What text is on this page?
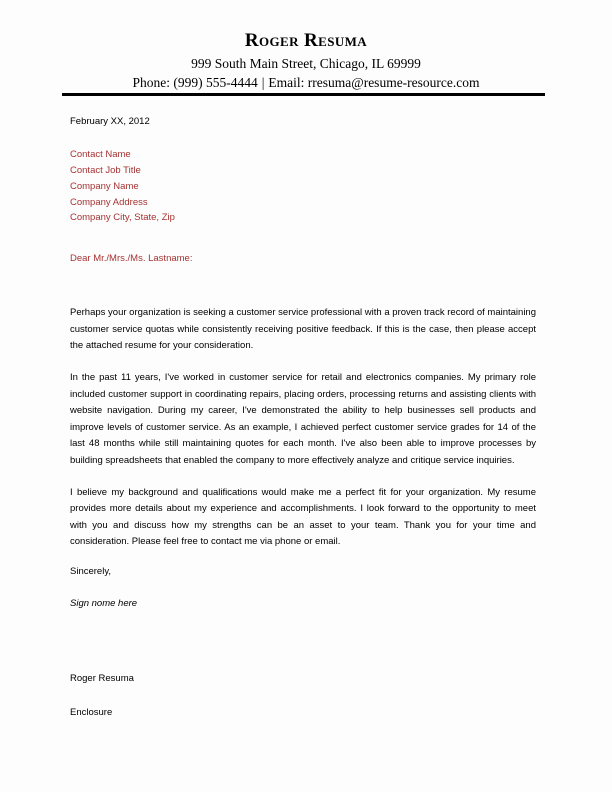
Roger Resuma
999 South Main Street, Chicago, IL 69999
Phone: (999) 555-4444 | Email: rresuma@resume-resource.com
February XX, 2012
Contact Name
Contact Job Title
Company Name
Company Address
Company City, State, Zip
Dear Mr./Mrs./Ms. Lastname:

Perhaps your organization is seeking a customer service professional with a proven track record of maintaining customer service quotas while consistently receiving positive feedback. If this is the case, then please accept the attached resume for your consideration.

In the past 11 years, I've worked in customer service for retail and electronics companies. My primary role included customer support in coordinating repairs, placing orders, processing returns and assisting clients with website navigation. During my career, I've demonstrated the ability to help businesses sell products and improve levels of customer service. As an example, I achieved perfect customer service grades for 14 of the last 48 months while still maintaining quotes for each month. I've also been able to improve processes by building spreadsheets that enabled the company to more effectively analyze and critique service inquiries.

I believe my background and qualifications would make me a perfect fit for your organization. My resume provides more details about my experience and accomplishments. I look forward to the opportunity to meet with you and discuss how my strengths can be an asset to your team. Thank you for your time and consideration. Please feel free to contact me via phone or email.

Sincerely,
Sign nome here
Roger Resuma
Enclosure
